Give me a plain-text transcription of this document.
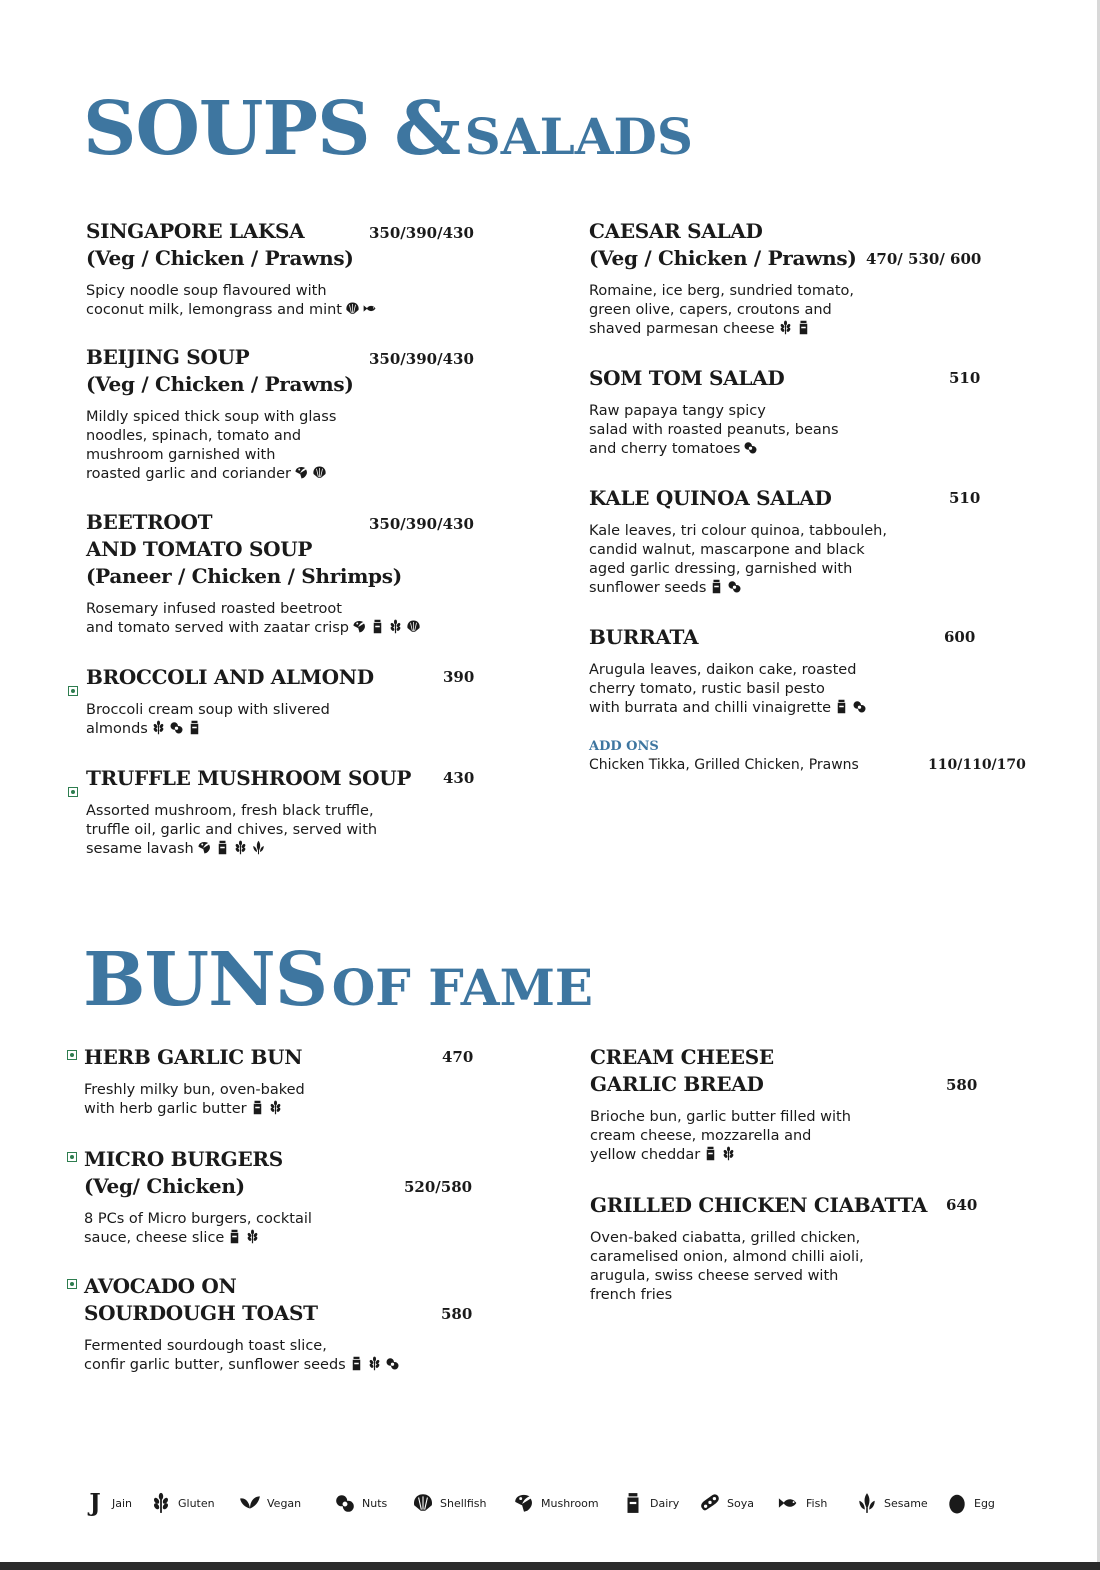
SOUPS & SALADS
BUNS OF FAME
SINGAPORE LAKSA
(Veg / Chicken / Prawns)
350/390/430
Spicy noodle soup flavoured with
coconut milk, lemongrass and mint
BEIJING SOUP
(Veg / Chicken / Prawns)
350/390/430
Mildly spiced thick soup with glass
noodles, spinach, tomato and
mushroom garnished with
roasted garlic and coriander
BEETROOT
AND TOMATO SOUP
(Paneer / Chicken / Shrimps)
350/390/430
Rosemary infused roasted beetroot
and tomato served with zaatar crisp
BROCCOLI AND ALMOND	390
Broccoli cream soup with slivered
almonds
TRUFFLE MUSHROOM SOUP	430
Assorted mushroom, fresh black truffle,
truffle oil, garlic and chives, served with
sesame lavash
CAESAR SALAD
(Veg / Chicken / Prawns) 470/ 530/ 600
Romaine, ice berg, sundried tomato,
green olive, capers, croutons and
shaved parmesan cheese
SOM TOM SALAD	510
Raw papaya tangy spicy
salad with roasted peanuts, beans
and cherry tomatoes
KALE QUINOA SALAD	510
Kale leaves, tri colour quinoa, tabbouleh,
candid walnut, mascarpone and black
aged garlic dressing, garnished with
sunflower seeds
BURRATA	600
Arugula leaves, daikon cake, roasted
cherry tomato, rustic basil pesto
with burrata and chilli vinaigrette
HERB GARLIC BUN	470
Freshly milky bun, oven-baked
with herb garlic butter
MICRO BURGERS
(Veg/ Chicken)	520/580
8 PCs of Micro burgers, cocktail
sauce, cheese slice
AVOCADO ON
SOURDOUGH TOAST	580
Fermented sourdough toast slice,
confir garlic butter, sunflower seeds
CREAM CHEESE
GARLIC BREAD	580
Brioche bun, garlic butter filled with
cream cheese, mozzarella and
yellow cheddar
GRILLED CHICKEN CIABATTA	640
Oven-baked ciabatta, grilled chicken,
caramelised onion, almond chilli aioli,
arugula, swiss cheese served with
french fries
ADD ONS
Chicken Tikka, Grilled Chicken, Prawns	110/110/170
J Jain	Gluten	Vegan	Nuts	Shellfish	Mushroom	Dairy	Soya	Fish	Sesame	Egg
